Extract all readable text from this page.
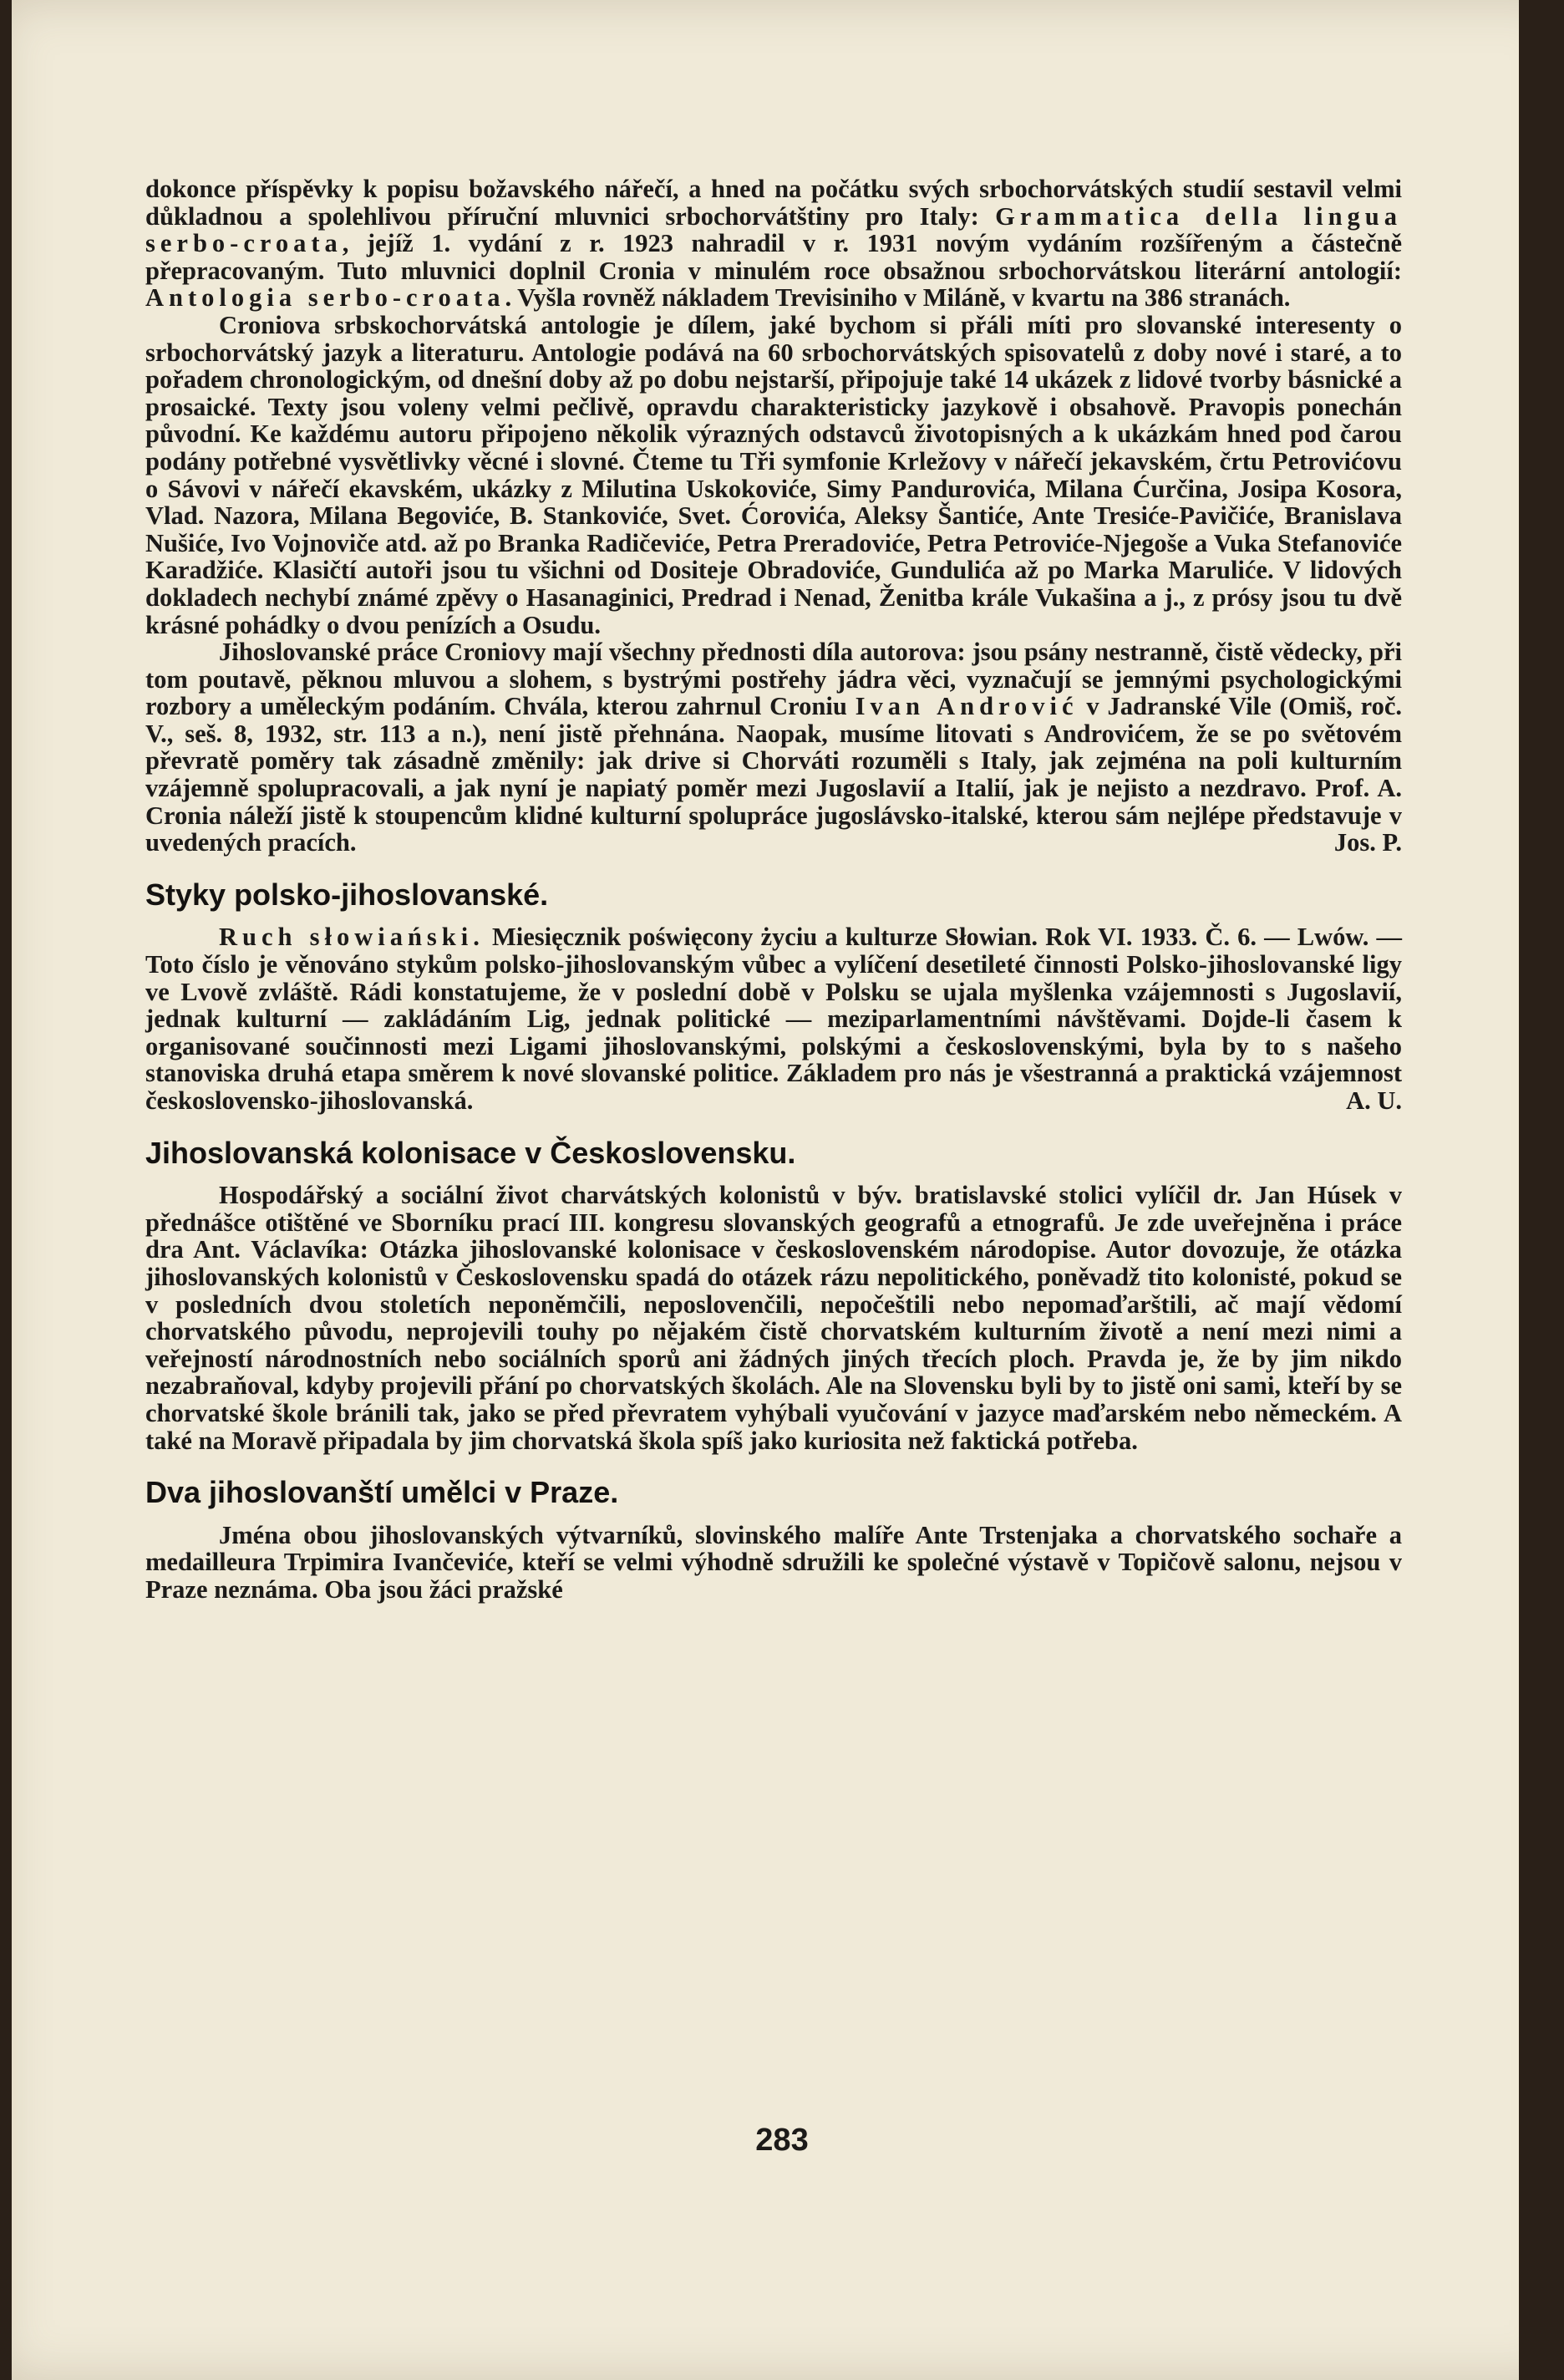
dokonce příspěvky k popisu božavského nářečí, a hned na počátku svých srbochorvátských studií sestavil velmi důkladnou a spolehlivou příruční mluvnici srbochorvátštiny pro Italy: Grammatica della lingua serbo-croata, jejíž 1. vydání z r. 1923 nahradil v r. 1931 novým vydáním rozšířeným a částečně přepracovaným. Tuto mluvnici doplnil Cronia v minulém roce obsažnou srbochorvátskou literární antologií: Antologia serbo-croata. Vyšla rovněž nákladem Trevisiniho v Miláně, v kvartu na 386 stranách.

Croniova srbskochorvátská antologie je dílem, jaké bychom si přáli míti pro slovanské interesenty o srbochorvátský jazyk a literaturu. Antologie podává na 60 srbochorvátských spisovatelů z doby nové i staré, a to pořadem chronologickým, od dnešní doby až po dobu nejstarší, připojuje také 14 ukázek z lidové tvorby básnické a prosaické. Texty jsou voleny velmi pečlivě, opravdu charakteristicky jazykově i obsahově. Pravopis ponechán původní. Ke každému autoru připojeno několik výrazných odstavců životopisných a k ukázkám hned pod čarou podány potřebné vysvětlivky věcné i slovné. Čteme tu Tři symfonie Krležovy v nářečí jekavském, črtu Petrovićovu o Sávovi v nářečí ekavském, ukázky z Milutina Uskokoviće, Simy Pandurovića, Milana Ćurčina, Josipa Kosora, Vlad. Nazora, Milana Begoviće, B. Stankoviće, Svet. Ćorovića, Aleksy Šantiće, Ante Tresiće-Pavičiće, Branislava Nušiće, Ivo Vojnoviče atd. až po Branka Radičeviće, Petra Preradoviće, Petra Petroviće-Njegoše a Vuka Stefanoviće Karadžiće. Klasičtí autoři jsou tu všichni od Dositeje Obradoviće, Gundulića až po Marka Maruliće. V lidových dokladech nechybí známé zpěvy o Hasanaginici, Predrad i Nenad, Ženitba krále Vukašina a j., z prósy jsou tu dvě krásné pohádky o dvou penízích a Osudu.

Jihoslovanské práce Croniovy mají všechny přednosti díla autorova: jsou psány nestranně, čistě vědecky, při tom poutavě, pěknou mluvou a slohem, s bystrými postřehy jádra věci, vyznačují se jemnými psychologickými rozbory a uměleckým podáním. Chvála, kterou zahrnul Croniu Ivan Andrović v Jadranské Vile (Omiš, roč. V., seš. 8, 1932, str. 113 a n.), není jistě přehnána. Naopak, musíme litovati s Androvićem, že se po světovém převratě poměry tak zásadně změnily: jak drive si Chorváti rozuměli s Italy, jak zejména na poli kulturním vzájemně spolupracovali, a jak nyní je napiatý poměr mezi Jugoslavií a Italií, jak je nejisto a nezdravo. Prof. A. Cronia náleží jistě k stoupencům klidné kulturní spolupráce jugoslávsko-italské, kterou sám nejlépe představuje v uvedených pracích.	Jos. P.

Styky polsko-jihoslovanské.

Ruch słowiański. Miesięcznik poświęcony życiu a kulturze Słowian. Rok VI. 1933. Č. 6. — Lwów. — Toto číslo je věnováno stykům polsko-jihoslovanským vůbec a vylíčení desetileté činnosti Polsko-jihoslovanské ligy ve Lvově zvláště. Rádi konstatujeme, že v poslední době v Polsku se ujala myšlenka vzájemnosti s Jugoslavií, jednak kulturní — zakládáním Lig, jednak politické — meziparlamentními návštěvami. Dojde-li časem k organisované součinnosti mezi Ligami jihoslovanskými, polskými a československými, byla by to s našeho stanoviska druhá etapa směrem k nové slovanské politice. Základem pro nás je všestranná a praktická vzájemnost československo-jihoslovanská.	A. U.

Jihoslovanská kolonisace v Československu.

Hospodářský a sociální život charvátských kolonistů v býv. bratislavské stolici vylíčil dr. Jan Húsek v přednášce otištěné ve Sborníku prací III. kongresu slovanských geografů a etnografů. Je zde uveřejněna i práce dra Ant. Václavíka: Otázka jihoslovanské kolonisace v československém národopise. Autor dovozuje, že otázka jihoslovanských kolonistů v Československu spadá do otázek rázu nepolitického, poněvadž tito kolonisté, pokud se v posledních dvou stoletích neponěmčili, neposlovenčili, nepočeštili nebo nepomaďarštili, ač mají vědomí chorvatského původu, neprojevili touhy po nějakém čistě chorvatském kulturním životě a není mezi nimi a veřejností národnostních nebo sociálních sporů ani žádných jiných třecích ploch. Pravda je, že by jim nikdo nezabraňoval, kdyby projevili přání po chorvatských školách. Ale na Slovensku byli by to jistě oni sami, kteří by se chorvatské škole bránili tak, jako se před převratem vyhýbali vyučování v jazyce maďarském nebo německém. A také na Moravě připadala by jim chorvatská škola spíš jako kuriosita než faktická potřeba.

Dva jihoslovanští umělci v Praze.

Jména obou jihoslovanských výtvarníků, slovinského malíře Ante Trstenjaka a chorvatského sochaře a medailleura Trpimira Ivančeviće, kteří se velmi výhodně sdružili ke společné výstavě v Topičově salonu, nejsou v Praze neznáma. Oba jsou žáci pražské

283
